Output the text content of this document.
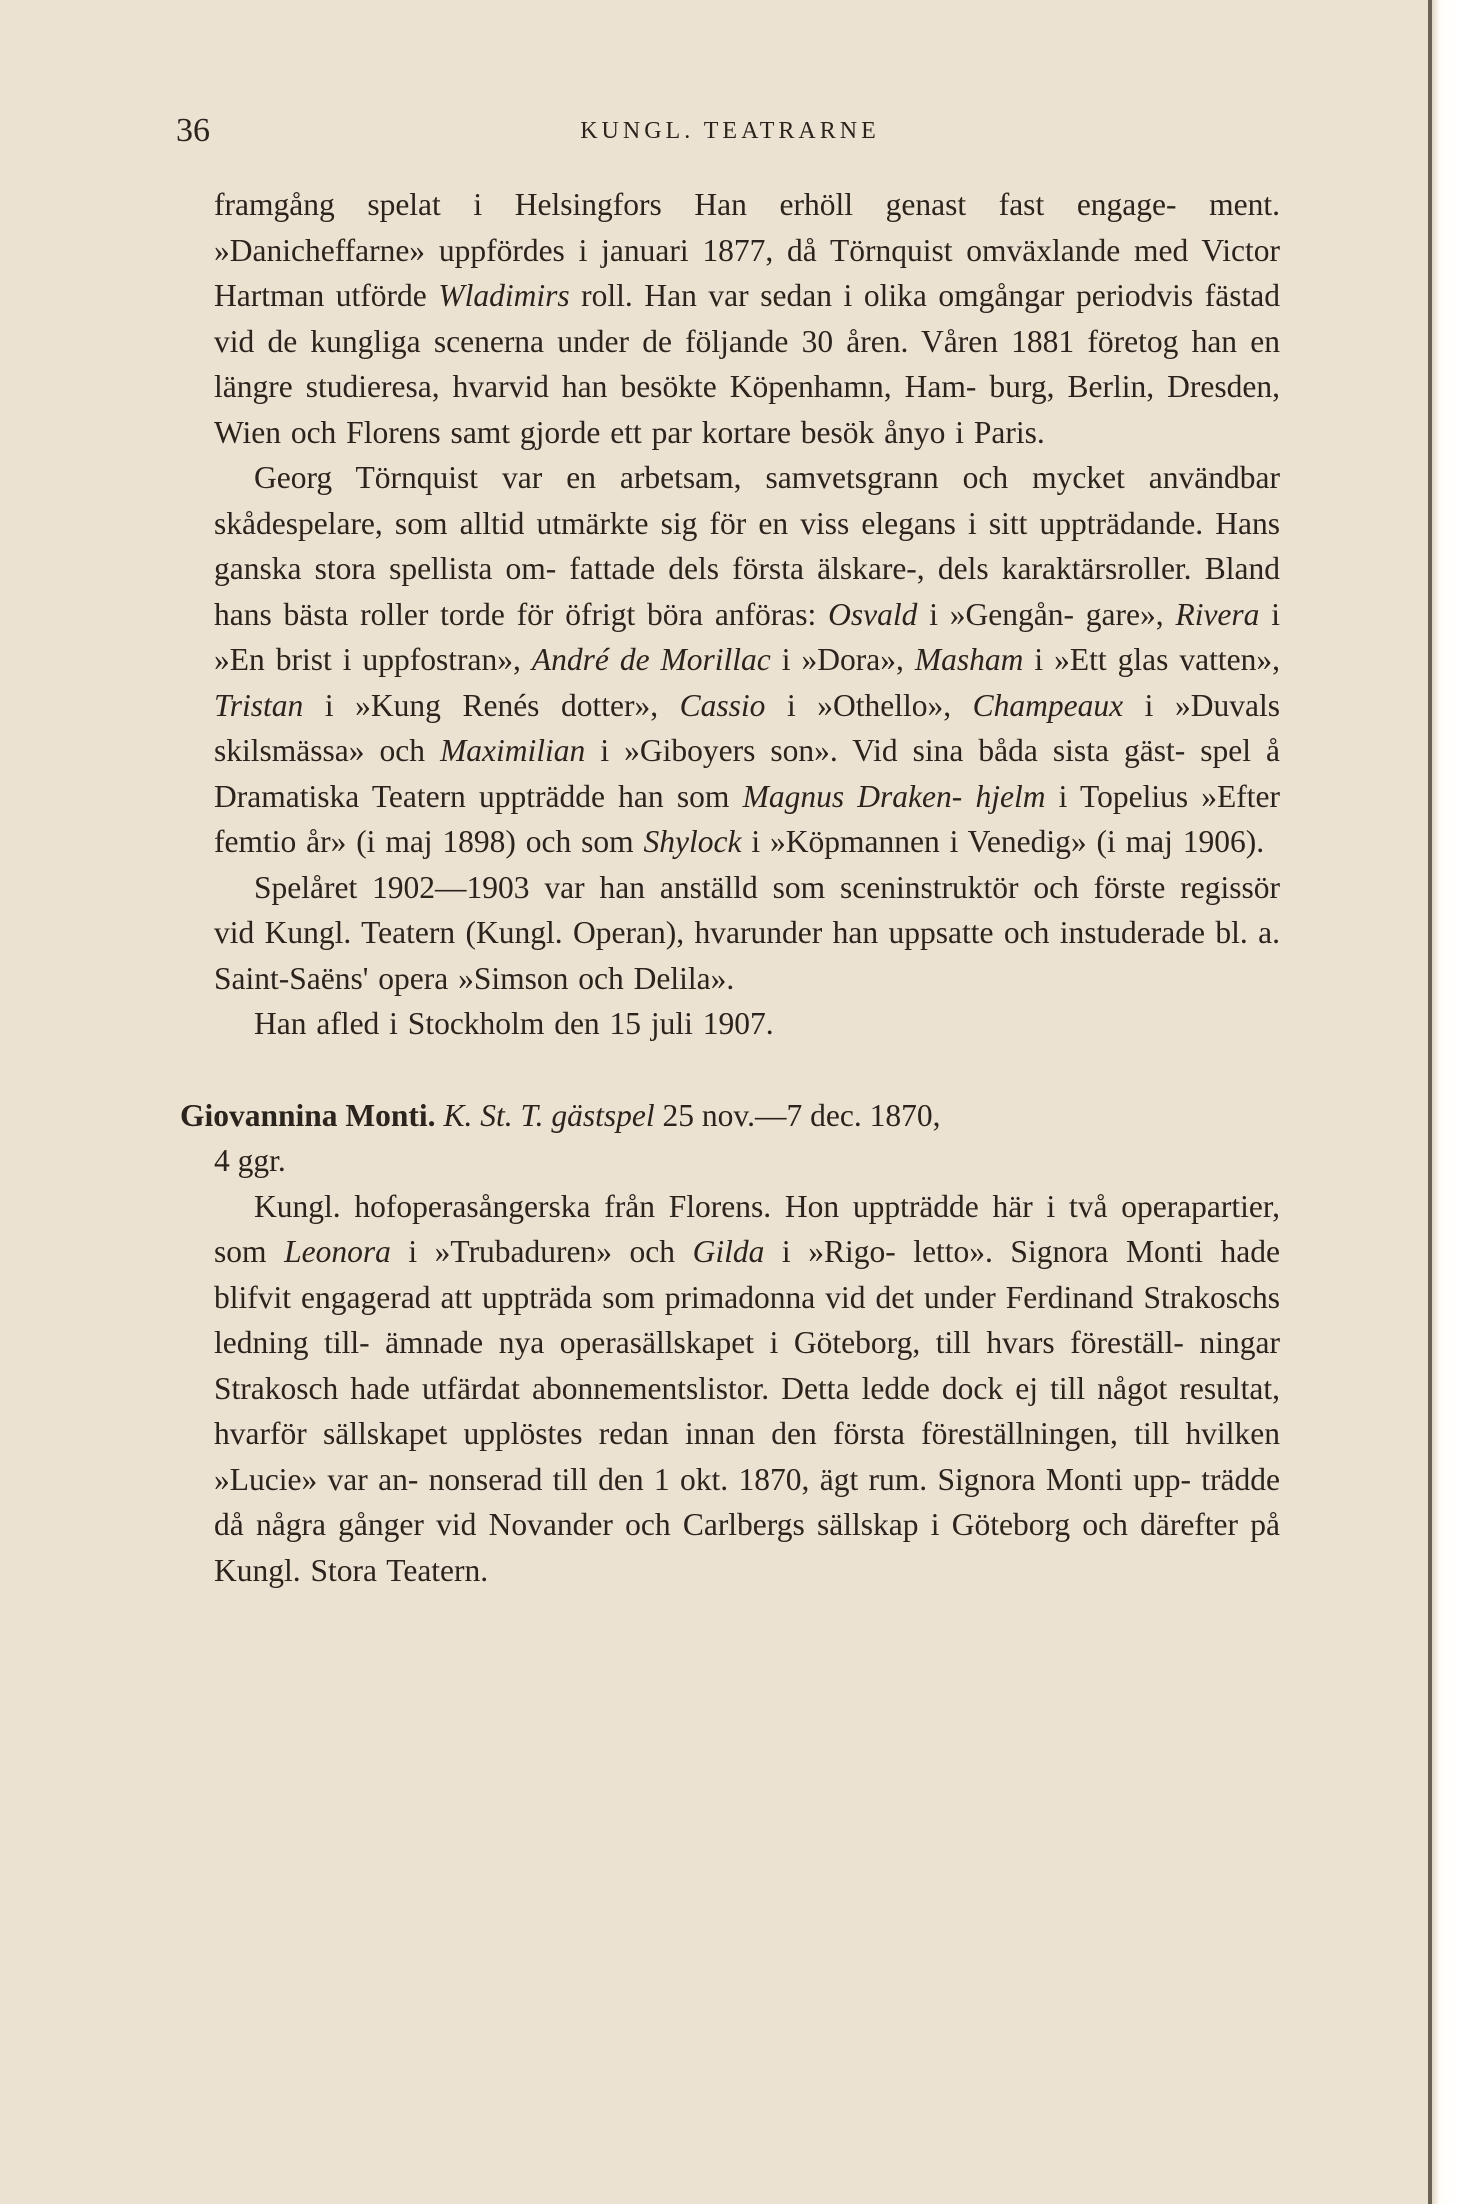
36	KUNGL. TEATRARNE

framgång spelat i Helsingfors Han erhöll genast fast engage- ment. »Danicheffarne» uppfördes i januari 1877, då Törnquist omväxlande med Victor Hartman utförde Wladimirs roll. Han var sedan i olika omgångar periodvis fästad vid de kungliga scenerna under de följande 30 åren. Våren 1881 företog han en längre studieresa, hvarvid han besökte Köpenhamn, Ham- burg, Berlin, Dresden, Wien och Florens samt gjorde ett par kortare besök ånyo i Paris.

Georg Törnquist var en arbetsam, samvetsgrann och mycket användbar skådespelare, som alltid utmärkte sig för en viss elegans i sitt uppträdande. Hans ganska stora spellista om- fattade dels första älskare-, dels karaktärsroller. Bland hans bästa roller torde för öfrigt böra anföras: Osvald i »Gengån- gare», Rivera i »En brist i uppfostran», André de Morillac i »Dora», Masham i »Ett glas vatten», Tristan i »Kung Renés dotter», Cassio i »Othello», Champeaux i »Duvals skilsmässa» och Maximilian i »Giboyers son». Vid sina båda sista gäst- spel å Dramatiska Teatern uppträdde han som Magnus Draken- hjelm i Topelius »Efter femtio år» (i maj 1898) och som Shylock i »Köpmannen i Venedig» (i maj 1906).

Spelåret 1902—1903 var han anställd som sceninstruktör och förste regissör vid Kungl. Teatern (Kungl. Operan), hvarunder han uppsatte och instuderade bl. a. Saint-Saëns' opera »Simson och Delila».

Han afled i Stockholm den 15 juli 1907.

Giovannina Monti. K. St. T. gästspel 25 nov.—7 dec. 1870,
4 ggr.

Kungl. hofoperasångerska från Florens. Hon uppträdde här i två operapartier, som Leonora i »Trubaduren» och Gilda i »Rigo- letto». Signora Monti hade blifvit engagerad att uppträda som primadonna vid det under Ferdinand Strakoschs ledning till- ämnade nya operasällskapet i Göteborg, till hvars föreställ- ningar Strakosch hade utfärdat abonnementslistor. Detta ledde dock ej till något resultat, hvarför sällskapet upplöstes redan innan den första föreställningen, till hvilken »Lucie» var an- nonserad till den 1 okt. 1870, ägt rum. Signora Monti upp- trädde då några gånger vid Novander och Carlbergs sällskap i Göteborg och därefter på Kungl. Stora Teatern.
